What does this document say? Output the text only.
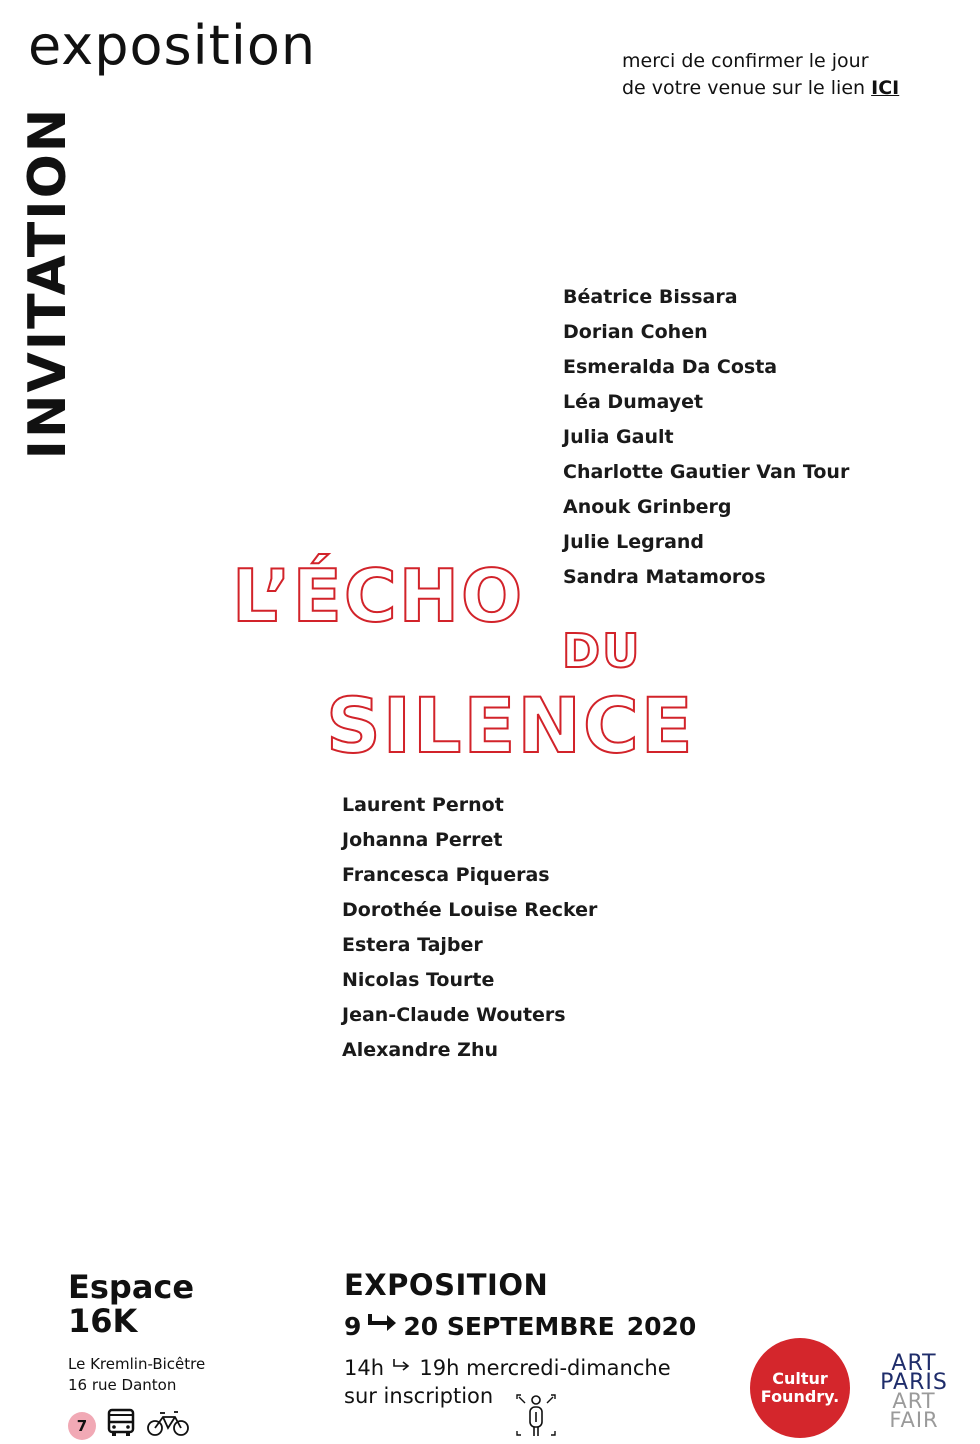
exposition	merci de confirmer le jour
de votre venue sur le lien ICI
INVITATION	Béatrice Bissara
Dorian Cohen
Esmeralda Da Costa
Léa Dumayet
Julia Gault
Charlotte Gautier Van Tour
Anouk Grinberg
Julie Legrand
Sandra Matamoros
L’ÉCHO
DU
SILENCE
Laurent Pernot
Johanna Perret
Francesca Piqueras
Dorothée Louise Recker
Estera Tajber
Nicolas Tourte
Jean-Claude Wouters
Alexandre Zhu
Espace
16K
Le Kremlin-Bicêtre
16 rue Danton
7
EXPOSITION
9 20 SEPTEMBRE 2020
14h 19h mercredi-dimanche
sur inscription
Cultur
Foundry.
ART
PARIS
ART
FAIR
